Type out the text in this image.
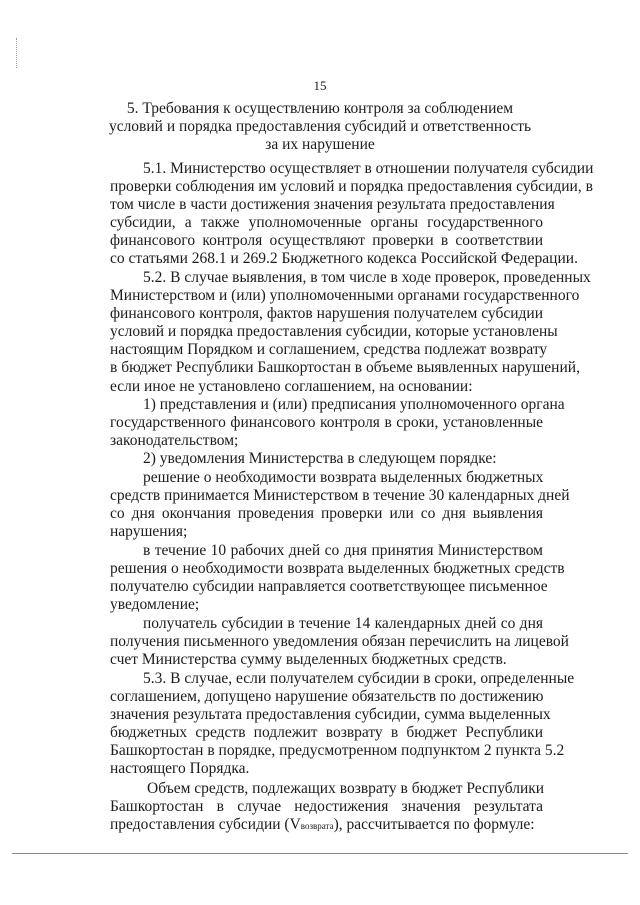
15
5. Требования к осуществлению контроля за соблюдением
условий и порядка предоставления субсидий и ответственность
за их нарушение
5.1. Министерство осуществляет в отношении получателя субсидии
проверки соблюдения им условий и порядка предоставления субсидии, в
том числе в части достижения значения результата предоставления
субсидии, а также уполномоченные органы государственного
финансового контроля осуществляют проверки в соответствии
со статьями 268.1 и 269.2 Бюджетного кодекса Российской Федерации.
5.2. В случае выявления, в том числе в ходе проверок, проведенных
Министерством и (или) уполномоченными органами государственного
финансового контроля, фактов нарушения получателем субсидии
условий и порядка предоставления субсидии, которые установлены
настоящим Порядком и соглашением, средства подлежат возврату
в бюджет Республики Башкортостан в объеме выявленных нарушений,
если иное не установлено соглашением, на основании:
1) представления и (или) предписания уполномоченного органа
государственного финансового контроля в сроки, установленные
законодательством;
2) уведомления Министерства в следующем порядке:
решение о необходимости возврата выделенных бюджетных
средств принимается Министерством в течение 30 календарных дней
со дня окончания проведения проверки или со дня выявления
нарушения;
в течение 10 рабочих дней со дня принятия Министерством
решения о необходимости возврата выделенных бюджетных средств
получателю субсидии направляется соответствующее письменное
уведомление;
получатель субсидии в течение 14 календарных дней со дня
получения письменного уведомления обязан перечислить на лицевой
счет Министерства сумму выделенных бюджетных средств.
5.3. В случае, если получателем субсидии в сроки, определенные
соглашением, допущено нарушение обязательств по достижению
значения результата предоставления субсидии, сумма выделенных
бюджетных средств подлежит возврату в бюджет Республики
Башкортостан в порядке, предусмотренном подпунктом 2 пункта 5.2
настоящего Порядка.
Объем средств, подлежащих возврату в бюджет Республики
Башкортостан в случае недостижения значения результата
предоставления субсидии (Vвозврата), рассчитывается по формуле:
